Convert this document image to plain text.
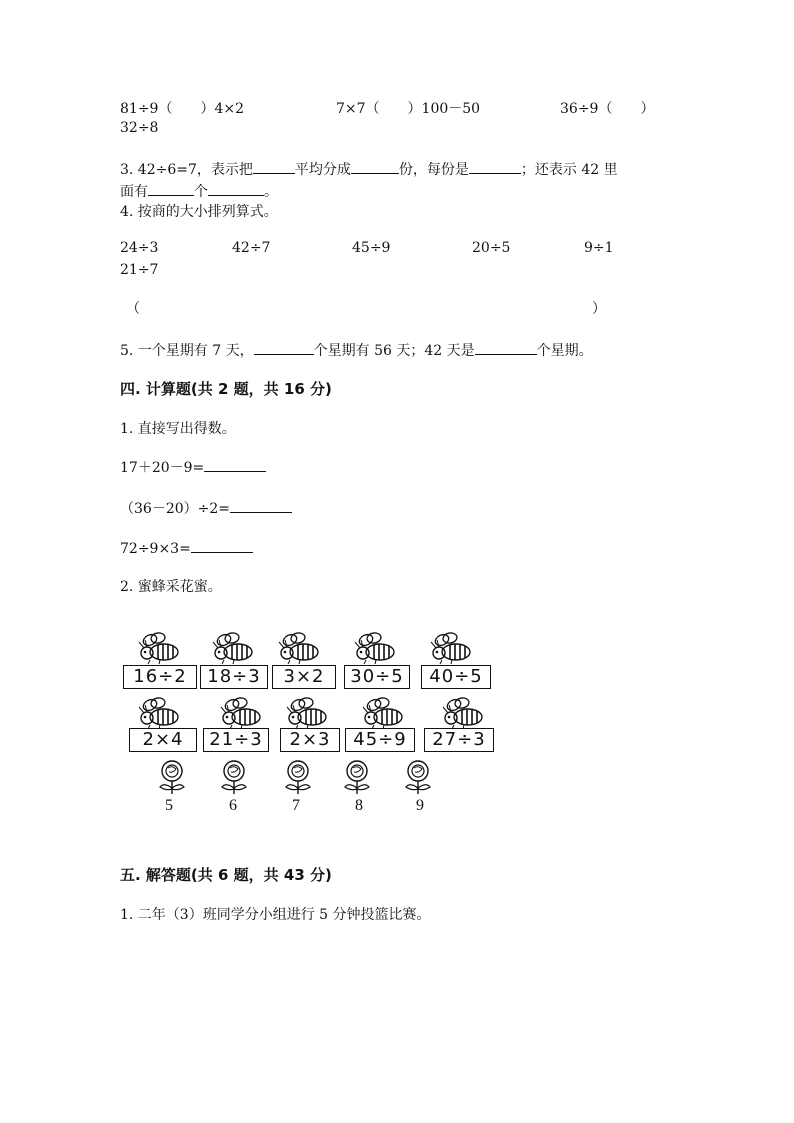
81÷9（　　）4×2	7×7（　　）100－50	36÷9（　　）
32÷8
3. 42÷6=7，表示把	平均分成	份，每份是	；还表示 42 里
面有	个	。
4. 按商的大小排列算式。
24÷3	42÷7	45÷9	20÷5	9÷1
21÷7
（	）
5. 一个星期有 7 天，	个星期有 56 天；42 天是	个星期。
四. 计算题(共 2 题，共 16 分)
1. 直接写出得数。
17＋20－9=
（36－20）÷2=
72÷9×3=
2. 蜜蜂采花蜜。
16÷2	18÷3	3×2	30÷5	40÷5
2×4	21÷3	2×3	45÷9	27÷3
5	6	7	8	9
五. 解答题(共 6 题，共 43 分)
1. 二年（3）班同学分小组进行 5 分钟投篮比赛。
